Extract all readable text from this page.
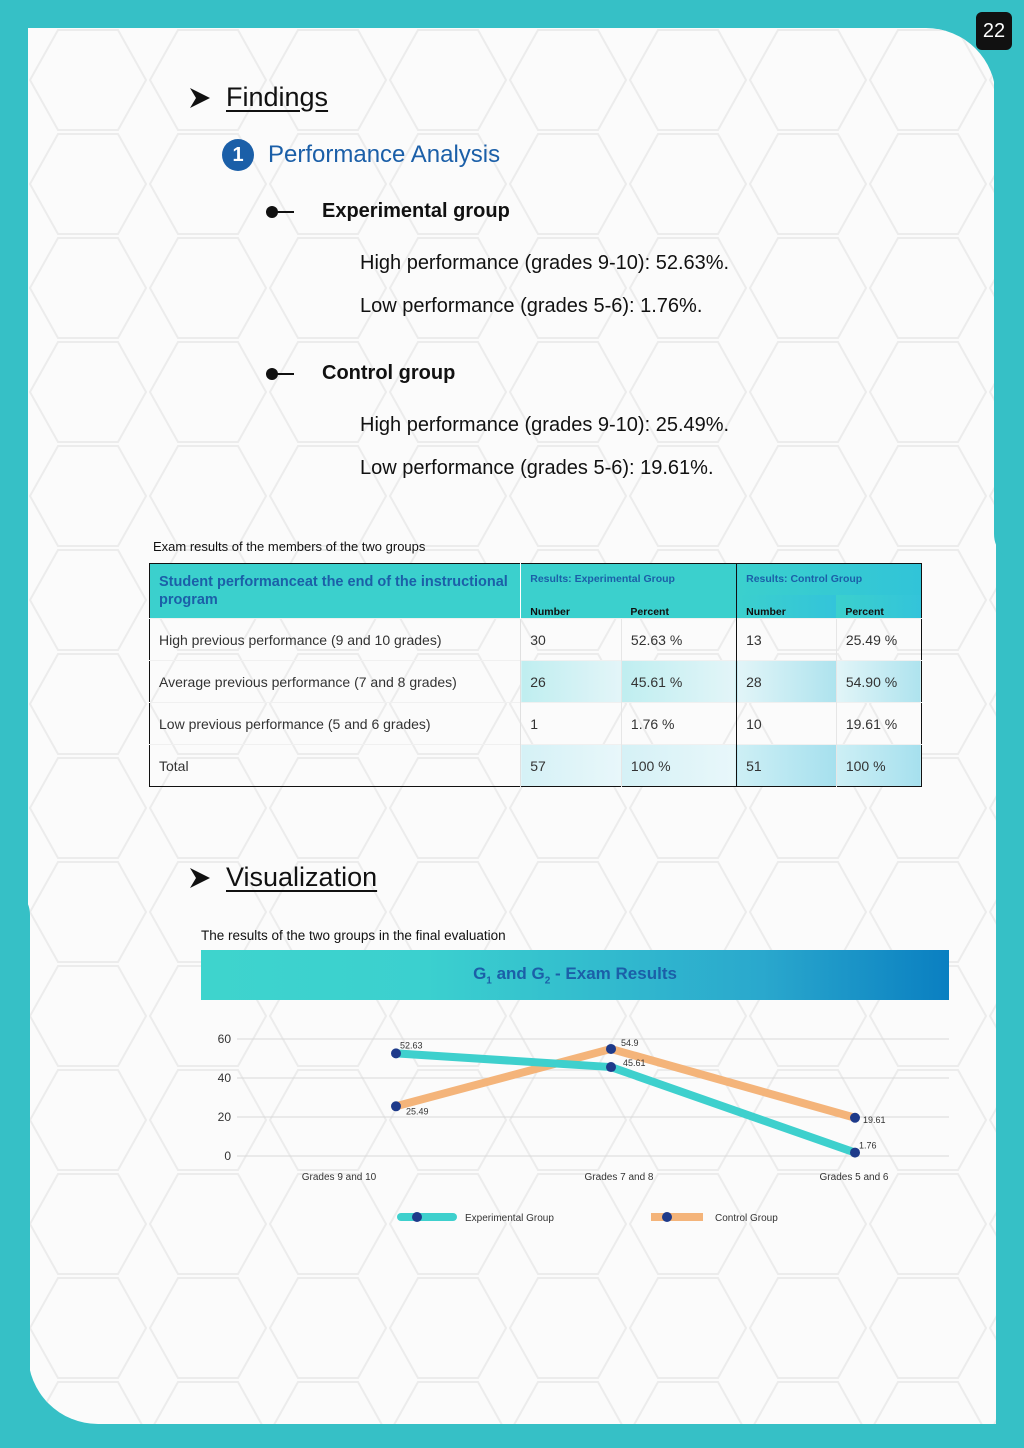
22
Findings
1	Performance Analysis
Experimental group
High performance (grades 9-10): 52.63%.
Low performance (grades 5-6): 1.76%.
Control group
High performance (grades 9-10): 25.49%.
Low performance (grades 5-6): 19.61%.
Exam results of the members of the two groups
Student performanceat the end of the instructional program	Results: Experimental Group		Results: Control Group	
	Number	Percent	Number	Percent
High previous performance (9 and 10 grades)	30	52.63 %	13	25.49 %
Average previous performance (7 and 8 grades)	26	45.61 %	28	54.90 %
Low previous performance (5 and 6 grades)	1	1.76 %	10	19.61 %
Total	57	100 %	51	100 %
Visualization
The results of the two groups in the final evaluation
$G_1$ and $G_2$ - Exam Results
0
20
40
60
Grades 9 and 10	Grades 7 and 8	Grades 5 and 6
52.63
45.61
1.76
25.49
54.9
19.61
Experimental Group	Control Group
